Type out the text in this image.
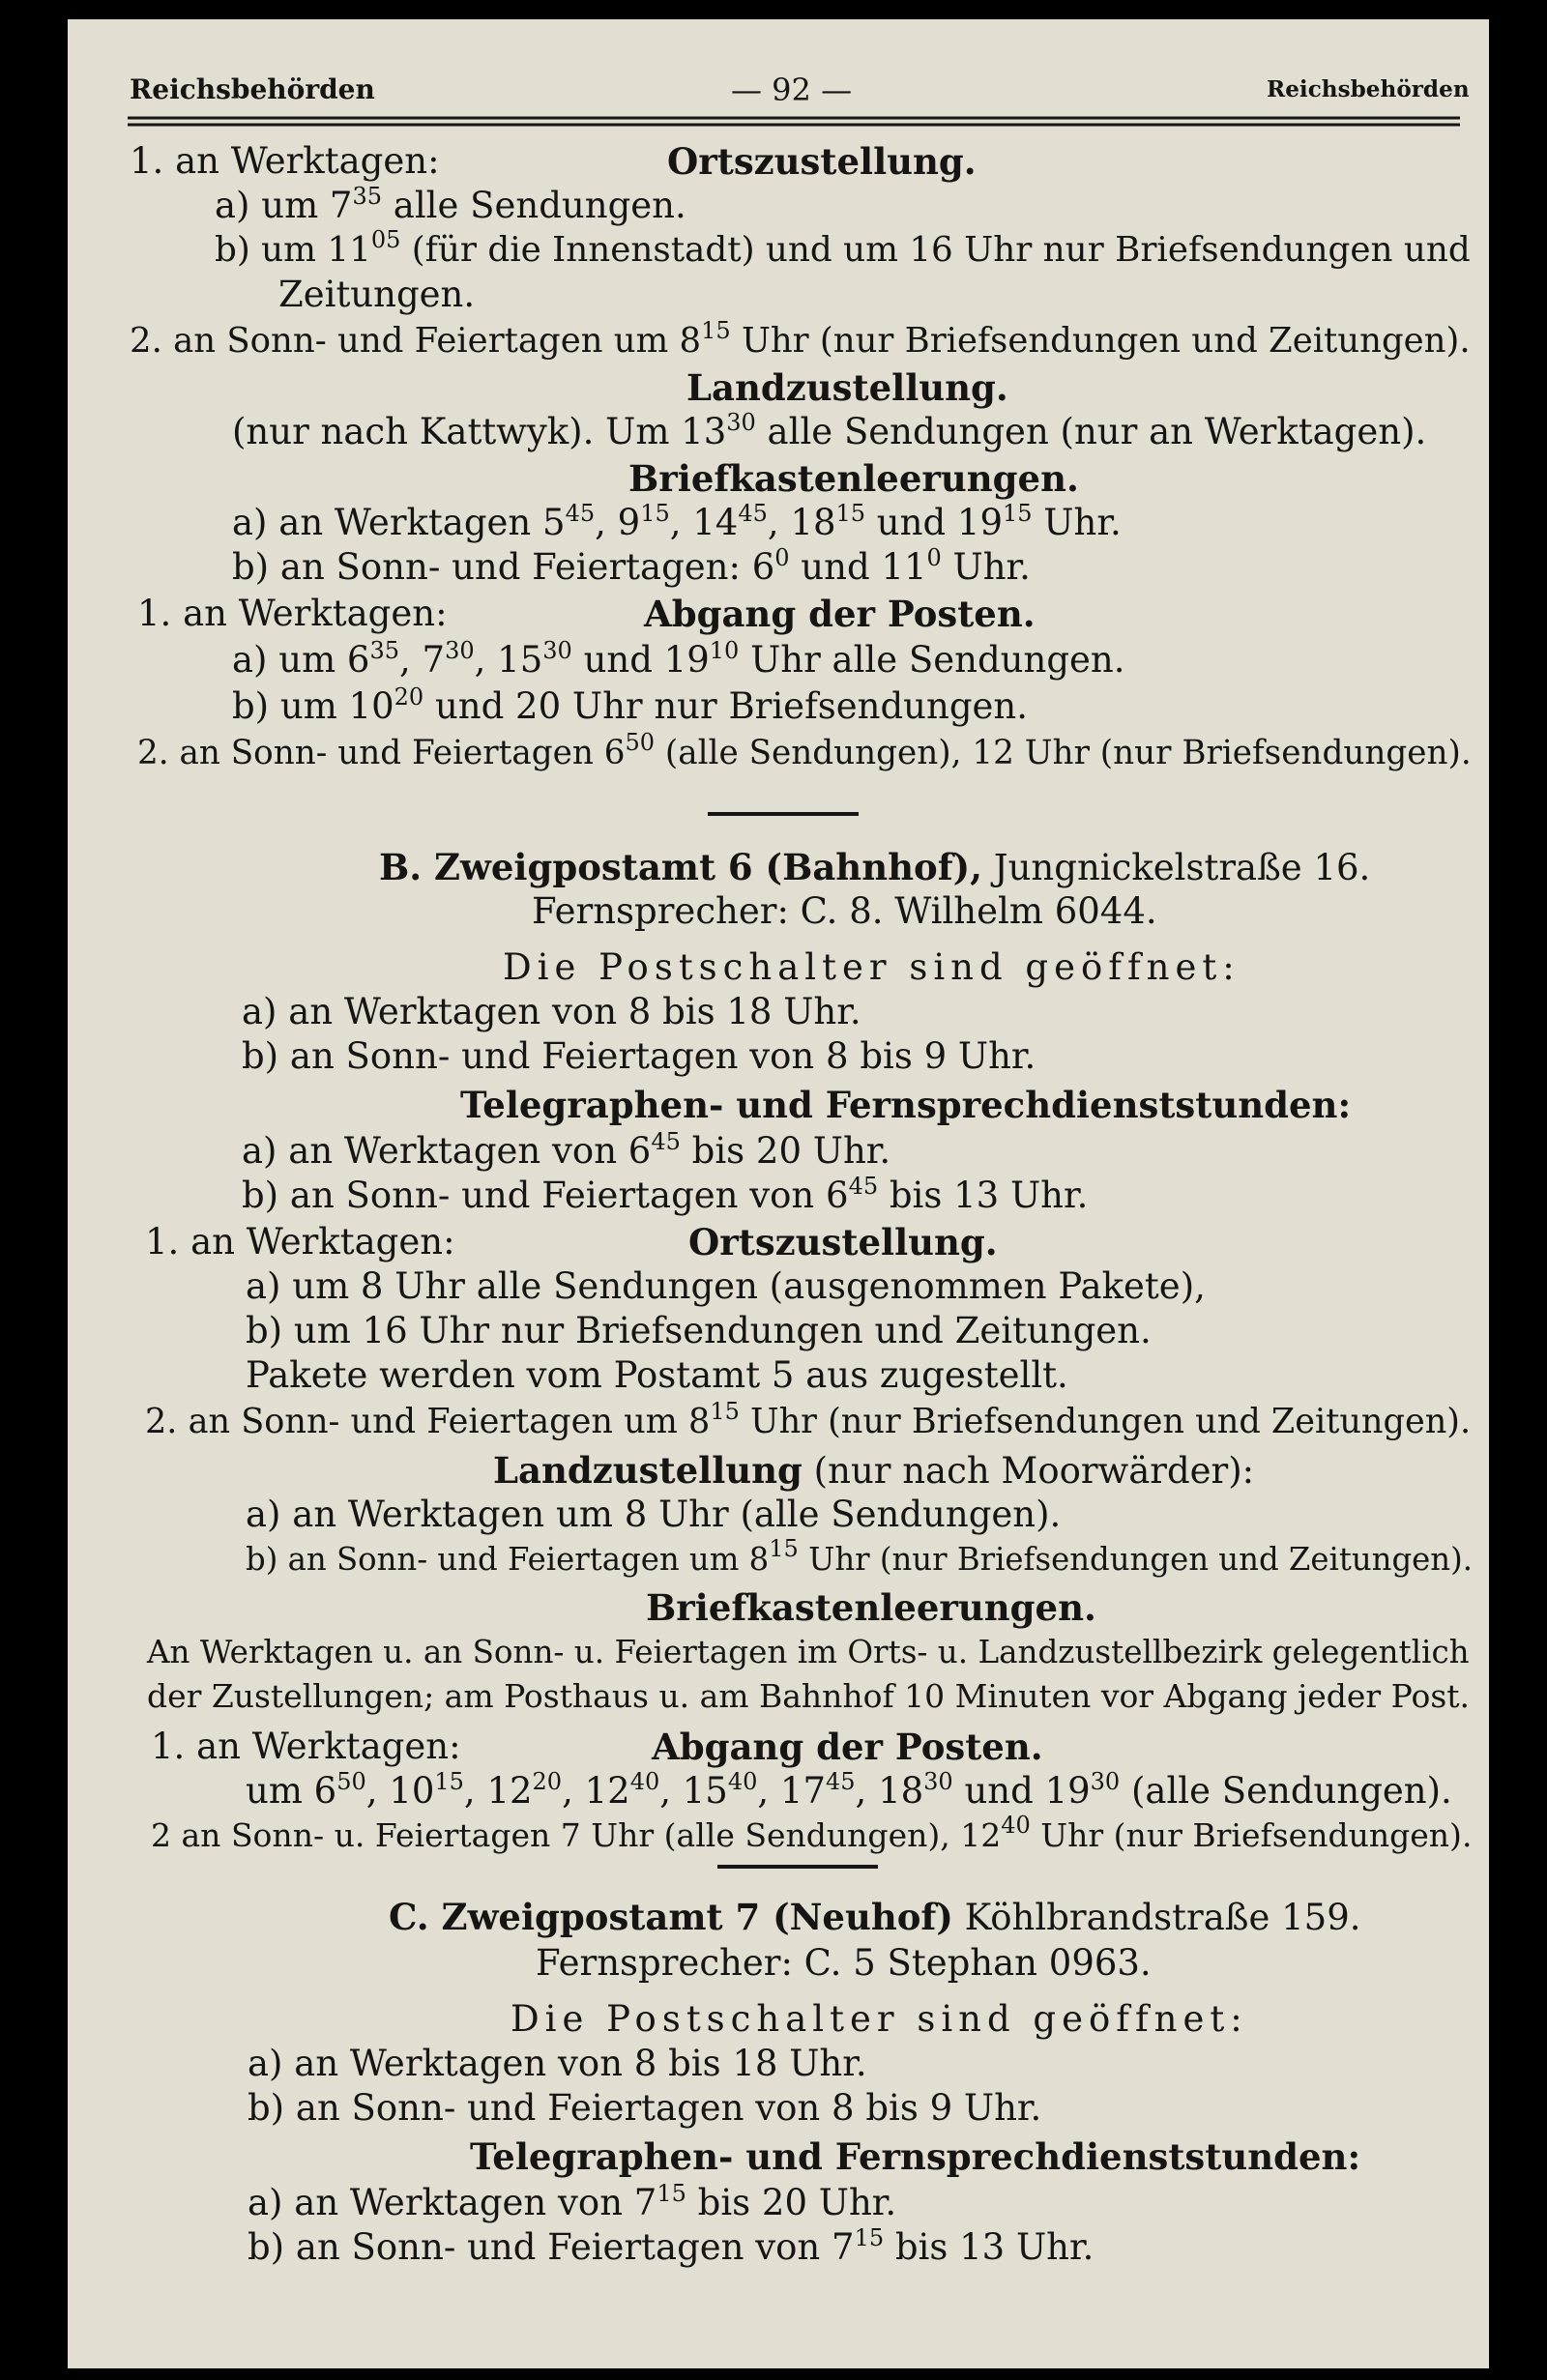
Reichsbehörden	— 92 —	Reichsbehörden
1. an Werktagen:	Ortszustellung.
a) um $7^{35}$ alle Sendungen.
b) um $11^{05}$ (für die Innenstadt) und um 16 Uhr nur Briefsendungen und
Zeitungen.
2. an Sonn- und Feiertagen um $8^{15}$ Uhr (nur Briefsendungen und Zeitungen).
Landzustellung.
(nur nach Kattwyk). Um $13^{30}$ alle Sendungen (nur an Werktagen).
Briefkastenleerungen.
a) an Werktagen $5^{45}$, $9^{15}$, $14^{45}$, $18^{15}$ und $19^{15}$ Uhr.
b) an Sonn- und Feiertagen: $6^0$ und $11^0$ Uhr.
1. an Werktagen:	Abgang der Posten.
a) um $6^{35}$, $7^{30}$, $15^{30}$ und $19^{10}$ Uhr alle Sendungen.
b) um $10^{20}$ und 20 Uhr nur Briefsendungen.
2. an Sonn- und Feiertagen $6^{50}$ (alle Sendungen), 12 Uhr (nur Briefsendungen).
B. Zweigpostamt 6 (Bahnhof), Jungnickelstraße 16.
Fernsprecher: C. 8. Wilhelm 6044.
Die Postschalter sind geöffnet:
a) an Werktagen von 8 bis 18 Uhr.
b) an Sonn- und Feiertagen von 8 bis 9 Uhr.
Telegraphen- und Fernsprechdienststunden:
a) an Werktagen von $6^{45}$ bis 20 Uhr.
b) an Sonn- und Feiertagen von $6^{45}$ bis 13 Uhr.
1. an Werktagen:	Ortszustellung.
a) um 8 Uhr alle Sendungen (ausgenommen Pakete),
b) um 16 Uhr nur Briefsendungen und Zeitungen.
Pakete werden vom Postamt 5 aus zugestellt.
2. an Sonn- und Feiertagen um $8^{15}$ Uhr (nur Briefsendungen und Zeitungen).
Landzustellung (nur nach Moorwärder):
a) an Werktagen um 8 Uhr (alle Sendungen).
b) an Sonn- und Feiertagen um $8^{15}$ Uhr (nur Briefsendungen und Zeitungen).
Briefkastenleerungen.
An Werktagen u. an Sonn- u. Feiertagen im Orts- u. Landzustellbezirk gelegentlich
der Zustellungen; am Posthaus u. am Bahnhof 10 Minuten vor Abgang jeder Post.
1. an Werktagen:	Abgang der Posten.
um $6^{50}$, $10^{15}$, $12^{20}$, $12^{40}$, $15^{40}$, $17^{45}$, $18^{30}$ und $19^{30}$ (alle Sendungen).
2 an Sonn- u. Feiertagen 7 Uhr (alle Sendungen), $12^{40}$ Uhr (nur Briefsendungen).
C. Zweigpostamt 7 (Neuhof) Köhlbrandstraße 159.
Fernsprecher: C. 5 Stephan 0963.
Die Postschalter sind geöffnet:
a) an Werktagen von 8 bis 18 Uhr.
b) an Sonn- und Feiertagen von 8 bis 9 Uhr.
Telegraphen- und Fernsprechdienststunden:
a) an Werktagen von $7^{15}$ bis 20 Uhr.
b) an Sonn- und Feiertagen von $7^{15}$ bis 13 Uhr.
